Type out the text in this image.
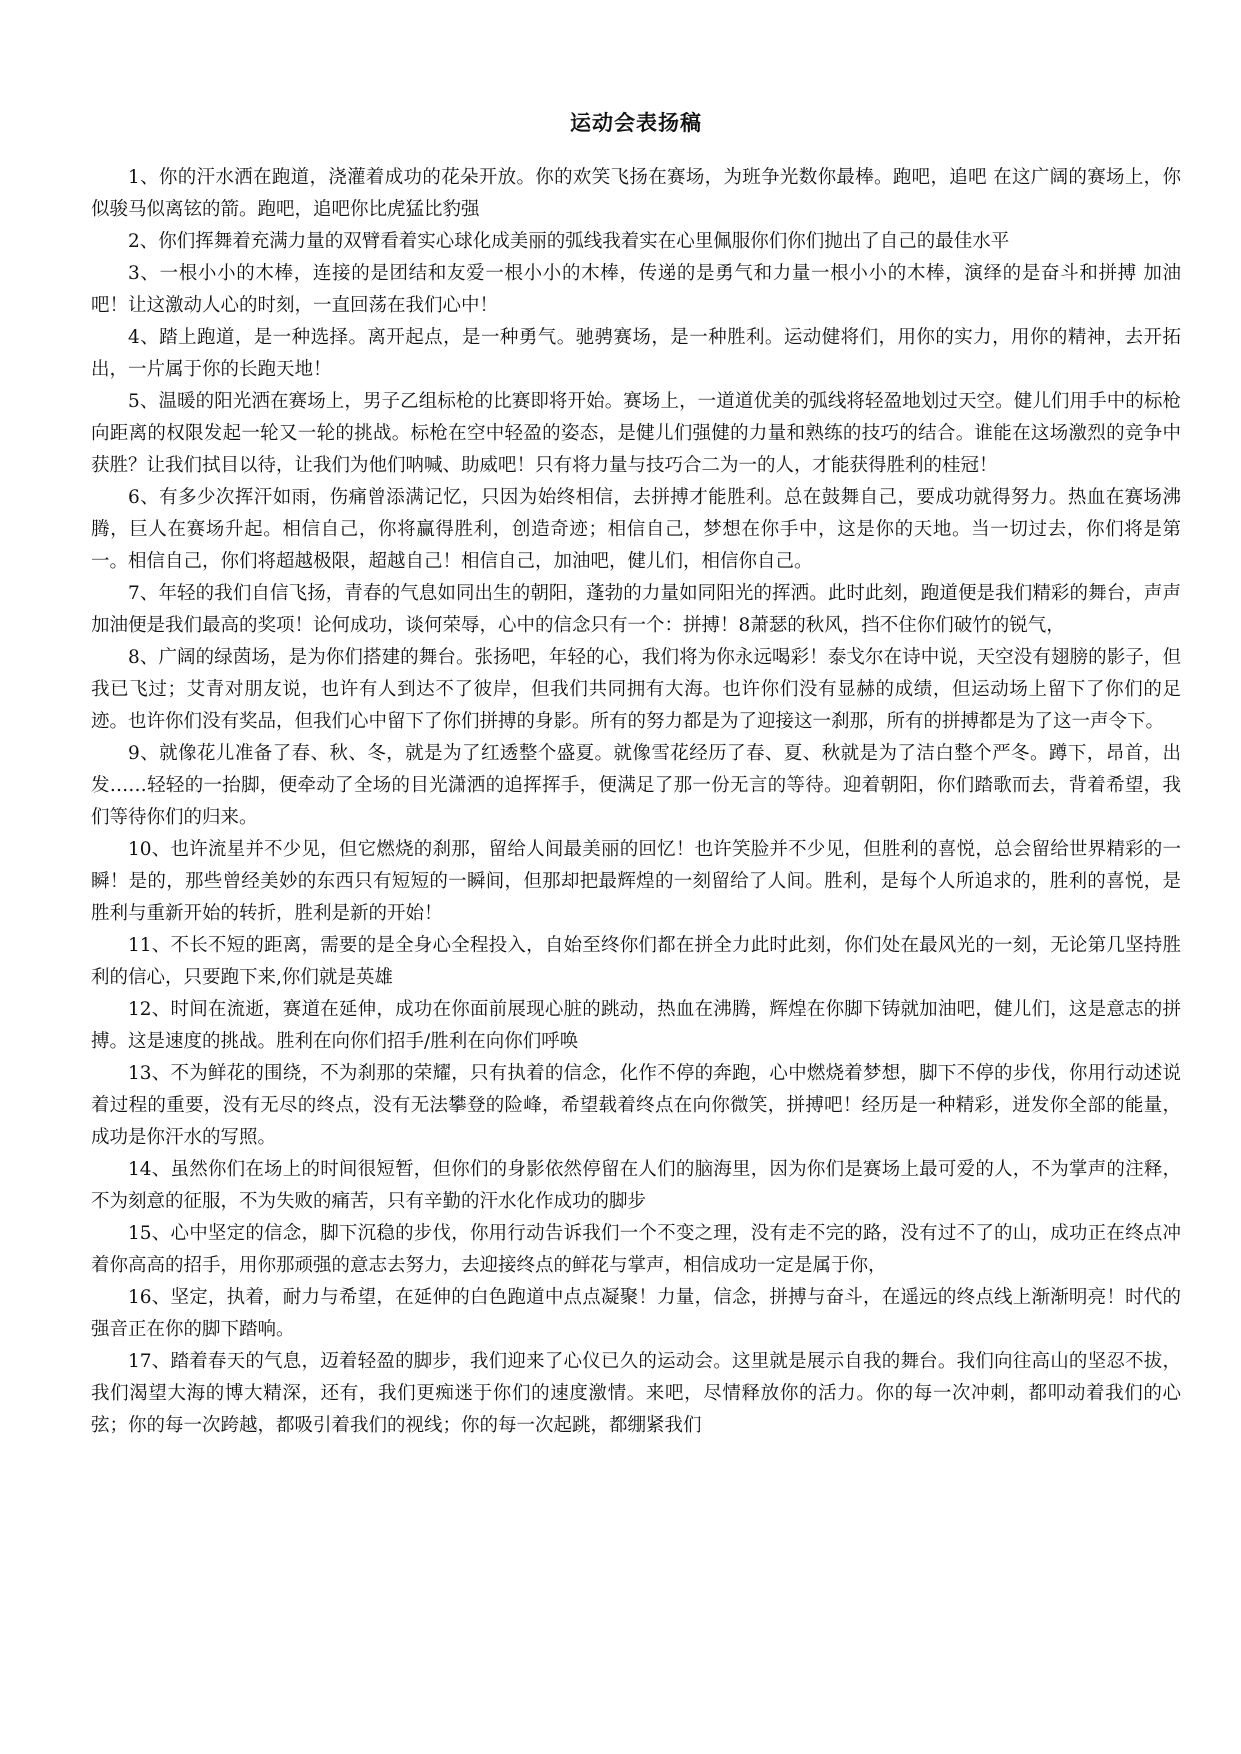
运动会表扬稿

1、你的汗水洒在跑道，浇灌着成功的花朵开放。你的欢笑飞扬在赛场，为班争光数你最棒。跑吧，追吧 在这广阔的赛场上，你似骏马似离铉的箭。跑吧，追吧你比虎猛比豹强

2、你们挥舞着充满力量的双臂看着实心球化成美丽的弧线我着实在心里佩服你们你们抛出了自己的最佳水平

3、一根小小的木棒，连接的是团结和友爱一根小小的木棒，传递的是勇气和力量一根小小的木棒，演绎的是奋斗和拼搏 加油吧！让这激动人心的时刻，一直回荡在我们心中！

4、踏上跑道，是一种选择。离开起点，是一种勇气。驰骋赛场，是一种胜利。运动健将们，用你的实力，用你的精神，去开拓出，一片属于你的长跑天地！

5、温暖的阳光洒在赛场上，男子乙组标枪的比赛即将开始。赛场上，一道道优美的弧线将轻盈地划过天空。健儿们用手中的标枪向距离的权限发起一轮又一轮的挑战。标枪在空中轻盈的姿态，是健儿们强健的力量和熟练的技巧的结合。谁能在这场激烈的竞争中获胜？让我们拭目以待，让我们为他们呐喊、助威吧！只有将力量与技巧合二为一的人，才能获得胜利的桂冠！

6、有多少次挥汗如雨，伤痛曾添满记忆，只因为始终相信，去拼搏才能胜利。总在鼓舞自己，要成功就得努力。热血在赛场沸腾，巨人在赛场升起。相信自己，你将赢得胜利，创造奇迹；相信自己，梦想在你手中，这是你的天地。当一切过去，你们将是第一。相信自己，你们将超越极限，超越自己！相信自己，加油吧，健儿们，相信你自己。

7、年轻的我们自信飞扬，青春的气息如同出生的朝阳，蓬勃的力量如同阳光的挥洒。此时此刻，跑道便是我们精彩的舞台，声声加油便是我们最高的奖项！论何成功，谈何荣辱，心中的信念只有一个：拼搏！8萧瑟的秋风，挡不住你们破竹的锐气，

8、广阔的绿茵场，是为你们搭建的舞台。张扬吧，年轻的心，我们将为你永远喝彩！泰戈尔在诗中说，天空没有翅膀的影子，但我已飞过；艾青对朋友说，也许有人到达不了彼岸，但我们共同拥有大海。也许你们没有显赫的成绩，但运动场上留下了你们的足迹。也许你们没有奖品，但我们心中留下了你们拼搏的身影。所有的努力都是为了迎接这一刹那，所有的拼搏都是为了这一声令下。

9、就像花儿准备了春、秋、冬，就是为了红透整个盛夏。就像雪花经历了春、夏、秋就是为了洁白整个严冬。蹲下，昂首，出发……轻轻的一抬脚，便牵动了全场的目光潇洒的追挥挥手，便满足了那一份无言的等待。迎着朝阳，你们踏歌而去，背着希望，我们等待你们的归来。

10、也许流星并不少见，但它燃烧的刹那，留给人间最美丽的回忆！也许笑脸并不少见，但胜利的喜悦，总会留给世界精彩的一瞬！是的，那些曾经美妙的东西只有短短的一瞬间，但那却把最辉煌的一刻留给了人间。胜利，是每个人所追求的，胜利的喜悦，是胜利与重新开始的转折，胜利是新的开始！

11、不长不短的距离，需要的是全身心全程投入，自始至终你们都在拼全力此时此刻，你们处在最风光的一刻，无论第几坚持胜利的信心，只要跑下来,你们就是英雄

12、时间在流逝，赛道在延伸，成功在你面前展现心脏的跳动，热血在沸腾，辉煌在你脚下铸就加油吧，健儿们，这是意志的拼搏。这是速度的挑战。胜利在向你们招手/胜利在向你们呼唤

13、不为鲜花的围绕，不为刹那的荣耀，只有执着的信念，化作不停的奔跑，心中燃烧着梦想，脚下不停的步伐，你用行动述说着过程的重要，没有无尽的终点，没有无法攀登的险峰，希望载着终点在向你微笑，拼搏吧！经历是一种精彩，迸发你全部的能量，成功是你汗水的写照。

14、虽然你们在场上的时间很短暂，但你们的身影依然停留在人们的脑海里，因为你们是赛场上最可爱的人，不为掌声的注释，不为刻意的征服，不为失败的痛苦，只有辛勤的汗水化作成功的脚步

15、心中坚定的信念，脚下沉稳的步伐，你用行动告诉我们一个不变之理，没有走不完的路，没有过不了的山，成功正在终点冲着你高高的招手，用你那顽强的意志去努力，去迎接终点的鲜花与掌声，相信成功一定是属于你，

16、坚定，执着，耐力与希望，在延伸的白色跑道中点点凝聚！力量，信念，拼搏与奋斗，在遥远的终点线上渐渐明亮！时代的强音正在你的脚下踏响。

17、踏着春天的气息，迈着轻盈的脚步，我们迎来了心仪已久的运动会。这里就是展示自我的舞台。我们向往高山的坚忍不拔，我们渴望大海的博大精深，还有，我们更痴迷于你们的速度激情。来吧，尽情释放你的活力。你的每一次冲刺，都叩动着我们的心弦；你的每一次跨越，都吸引着我们的视线；你的每一次起跳，都绷紧我们
